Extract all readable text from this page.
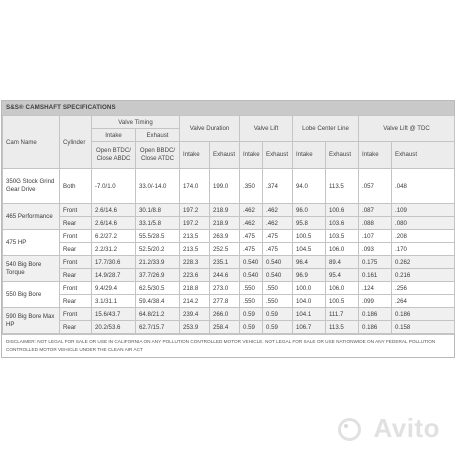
S&S® CAMSHAFT SPECIFICATIONS
Cam Name	Cylinder	Valve Timing		Valve Duration		Valve Lift		Lobe Center Line		Valve Lift @ TDC	
		Intake	Exhaust								
		Open BTDC/ Close ABDC	Open BBDC/ Close ATDC	Intake	Exhaust	Intake	Exhaust	Intake	Exhaust	Intake	Exhaust
350G Stock Grind Gear Drive	Both	-7.0/1.0	33.0/-14.0	174.0	199.0	.350	.374	94.0	113.5	.057	.048
465 Performance	Front	2.6/14.6	30.1/8.8	197.2	218.9	.462	.462	96.0	100.6	.087	.109
	Rear	2.6/14.6	33.1/5.8	197.2	218.9	.462	.462	95.8	103.6	.088	.080
475 HP	Front	6.2/27.2	55.5/28.5	213.5	263.9	.475	.475	100.5	103.5	.107	.208
	Rear	2.2/31.2	52.5/20.2	213.5	252.5	.475	.475	104.5	106.0	.093	.170
540 Big Bore Torque	Front	17.7/30.6	21.2/33.9	228.3	235.1	0.540	0.540	96.4	89.4	0.175	0.262
	Rear	14.9/28.7	37.7/26.9	223.6	244.6	0.540	0.540	96.9	95.4	0.161	0.216
550 Big Bore	Front	9.4/29.4	62.5/30.5	218.8	273.0	.550	.550	100.0	106.0	.124	.256
	Rear	3.1/31.1	59.4/38.4	214.2	277.8	.550	.550	104.0	100.5	.099	.264
590 Big Bore Max HP	Front	15.6/43.7	64.8/21.2	239.4	266.0	0.59	0.59	104.1	111.7	0.186	0.186
	Rear	20.2/53.6	62.7/15.7	253.9	258.4	0.59	0.59	106.7	113.5	0.186	0.158
DISCLAIMER: NOT LEGAL FOR SALE OR USE IN CALIFORNIA ON ANY POLLUTION CONTROLLED MOTOR VEHICLE. NOT LEGAL FOR SALE OR USE NATIONWIDE ON ANY FEDERAL POLLUTION CONTROLLED MOTOR VEHICLE UNDER THE CLEAN AIR ACT
Avito
